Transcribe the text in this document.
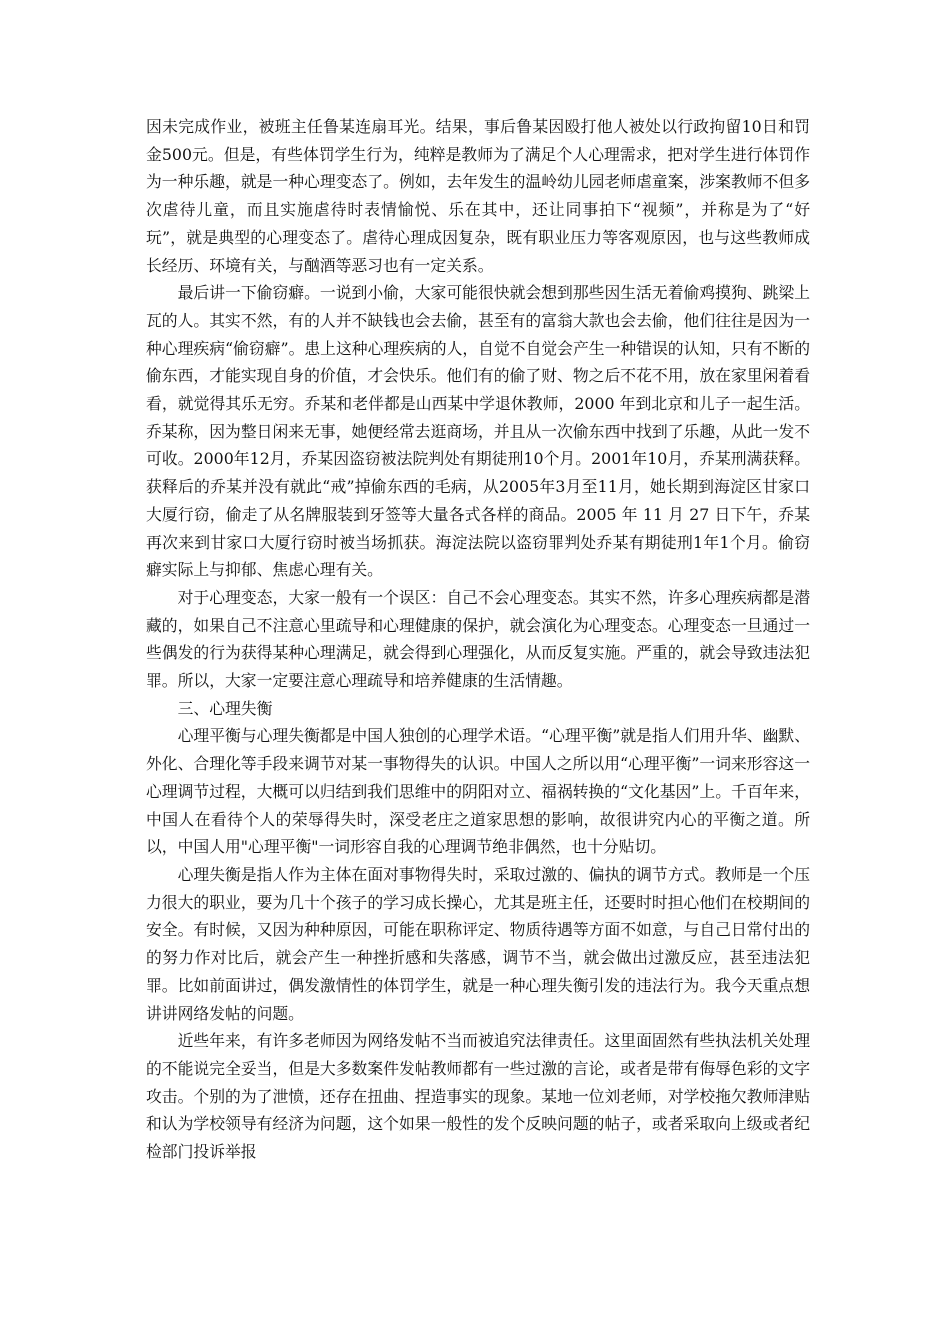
因未完成作业，被班主任鲁某连扇耳光。结果，事后鲁某因殴打他人被处以行政拘留10日和罚金500元。但是，有些体罚学生行为，纯粹是教师为了满足个人心理需求，把对学生进行体罚作为一种乐趣，就是一种心理变态了。例如，去年发生的温岭幼儿园老师虐童案，涉案教师不但多次虐待儿童，而且实施虐待时表情愉悦、乐在其中，还让同事拍下“视频”，并称是为了“好玩”，就是典型的心理变态了。虐待心理成因复杂，既有职业压力等客观原因，也与这些教师成长经历、环境有关，与酗酒等恶习也有一定关系。

最后讲一下偷窃癖。一说到小偷，大家可能很快就会想到那些因生活无着偷鸡摸狗、跳梁上瓦的人。其实不然，有的人并不缺钱也会去偷，甚至有的富翁大款也会去偷，他们往往是因为一种心理疾病“偷窃癖”。患上这种心理疾病的人，自觉不自觉会产生一种错误的认知，只有不断的偷东西，才能实现自身的价值，才会快乐。他们有的偷了财、物之后不花不用，放在家里闲着看看，就觉得其乐无穷。乔某和老伴都是山西某中学退休教师，2000 年到北京和儿子一起生活。乔某称，因为整日闲来无事，她便经常去逛商场，并且从一次偷东西中找到了乐趣，从此一发不可收。2000年12月，乔某因盗窃被法院判处有期徒刑10个月。2001年10月，乔某刑满获释。获释后的乔某并没有就此“戒”掉偷东西的毛病，从2005年3月至11月，她长期到海淀区甘家口大厦行窃，偷走了从名牌服装到牙签等大量各式各样的商品。2005 年 11 月 27 日下午，乔某再次来到甘家口大厦行窃时被当场抓获。海淀法院以盗窃罪判处乔某有期徒刑1年1个月。偷窃癖实际上与抑郁、焦虑心理有关。

对于心理变态，大家一般有一个误区：自己不会心理变态。其实不然，许多心理疾病都是潜藏的，如果自己不注意心里疏导和心理健康的保护，就会演化为心理变态。心理变态一旦通过一些偶发的行为获得某种心理满足，就会得到心理强化，从而反复实施。严重的，就会导致违法犯罪。所以，大家一定要注意心理疏导和培养健康的生活情趣。

三、心理失衡

心理平衡与心理失衡都是中国人独创的心理学术语。“心理平衡”就是指人们用升华、幽默、外化、合理化等手段来调节对某一事物得失的认识。中国人之所以用“心理平衡”一词来形容这一心理调节过程，大概可以归结到我们思维中的阴阳对立、福祸转换的“文化基因”上。千百年来，中国人在看待个人的荣辱得失时，深受老庄之道家思想的影响，故很讲究内心的平衡之道。所以，中国人用"心理平衡"一词形容自我的心理调节绝非偶然，也十分贴切。

心理失衡是指人作为主体在面对事物得失时，采取过激的、偏执的调节方式。教师是一个压力很大的职业，要为几十个孩子的学习成长操心，尤其是班主任，还要时时担心他们在校期间的安全。有时候，又因为种种原因，可能在职称评定、物质待遇等方面不如意，与自己日常付出的的努力作对比后，就会产生一种挫折感和失落感，调节不当，就会做出过激反应，甚至违法犯罪。比如前面讲过，偶发激情性的体罚学生，就是一种心理失衡引发的违法行为。我今天重点想讲讲网络发帖的问题。

近些年来，有许多老师因为网络发帖不当而被追究法律责任。这里面固然有些执法机关处理的不能说完全妥当，但是大多数案件发帖教师都有一些过激的言论，或者是带有侮辱色彩的文字攻击。个别的为了泄愤，还存在扭曲、捏造事实的现象。某地一位刘老师，对学校拖欠教师津贴和认为学校领导有经济为问题，这个如果一般性的发个反映问题的帖子，或者采取向上级或者纪检部门投诉举报
